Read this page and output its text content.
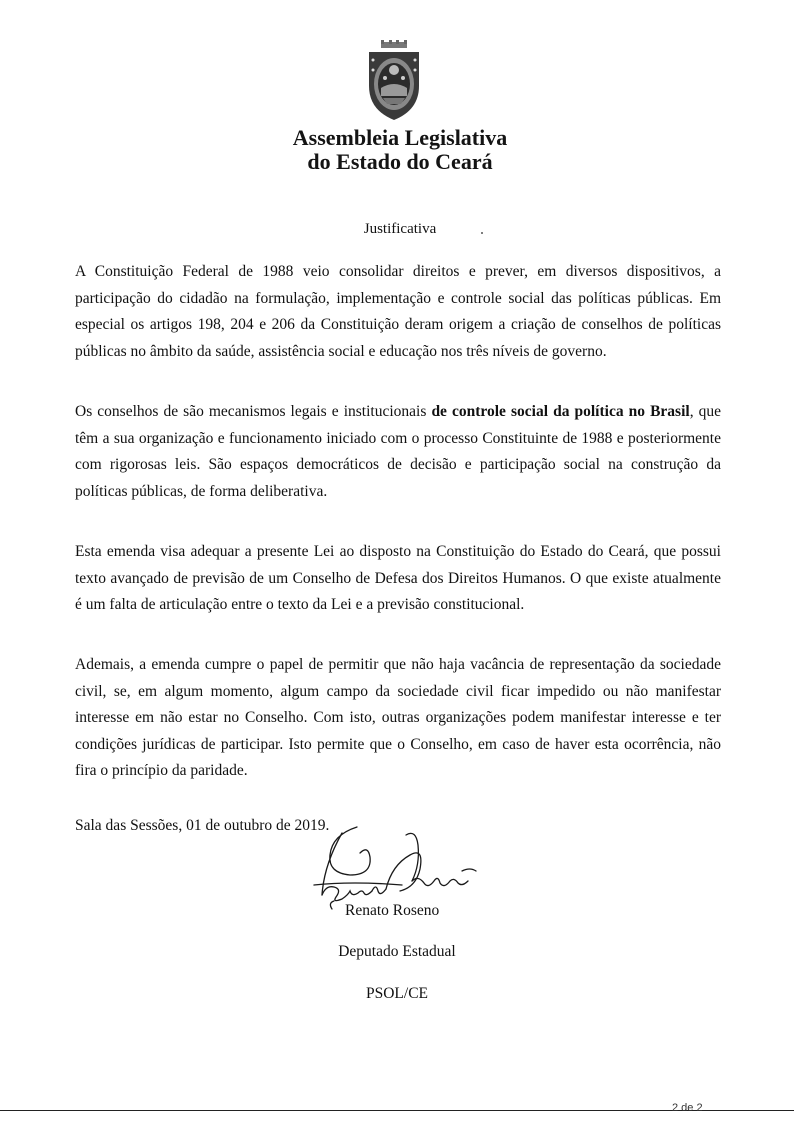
Assembleia Legislativa
do Estado do Ceará
Justificativa
A Constituição Federal de 1988 veio consolidar direitos e prever, em diversos dispositivos, a participação do cidadão na formulação, implementação e controle social das políticas públicas. Em especial os artigos 198, 204 e 206 da Constituição deram origem a criação de conselhos de políticas públicas no âmbito da saúde, assistência social e educação nos três níveis de governo.
Os conselhos de são mecanismos legais e institucionais de controle social da política no Brasil, que têm a sua organização e funcionamento iniciado com o processo Constituinte de 1988 e posteriormente com rigorosas leis. São espaços democráticos de decisão e participação social na construção da políticas públicas, de forma deliberativa.
Esta emenda visa adequar a presente Lei ao disposto na Constituição do Estado do Ceará, que possui texto avançado de previsão de um Conselho de Defesa dos Direitos Humanos. O que existe atualmente é um falta de articulação entre o texto da Lei e a previsão constitucional.
Ademais, a emenda cumpre o papel de permitir que não haja vacância de representação da sociedade civil, se, em algum momento, algum campo da sociedade civil ficar impedido ou não manifestar interesse em não estar no Conselho. Com isto, outras organizações podem manifestar interesse e ter condições jurídicas de participar. Isto permite que o Conselho, em caso de haver esta ocorrência, não fira o princípio da paridade.
Sala das Sessões, 01 de outubro de 2019.
Renato Roseno
Deputado Estadual
PSOL/CE
2 de 2
